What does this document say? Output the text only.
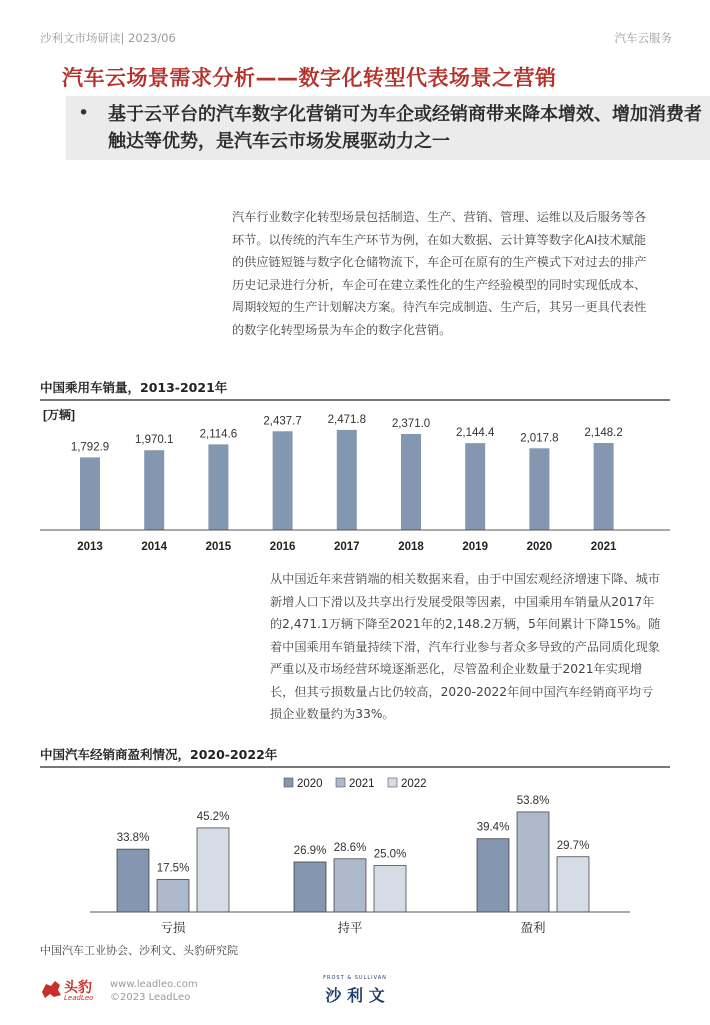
沙利文市场研读| 2023/06	汽车云服务
汽车云场景需求分析——数字化转型代表场景之营销
• 基于云平台的汽车数字化营销可为车企或经销商带来降本增效、增加消费者触达等优势，是汽车云市场发展驱动力之一
汽车行业数字化转型场景包括制造、生产、营销、管理、运维以及后服务等各环节。以传统的汽车生产环节为例，在如大数据、云计算等数字化AI技术赋能的供应链短链与数字化仓储物流下，车企可在原有的生产模式下对过去的排产历史记录进行分析，车企可在建立柔性化的生产经验模型的同时实现低成本、周期较短的生产计划解决方案。待汽车完成制造、生产后，其另一更具代表性的数字化转型场景为车企的数字化营销。
中国乘用车销量，2013-2021年
[万辆]
1,792.9
1,970.1 2,114.6
2,437.7 2,471.8 2,371.0
2,144.4 2,017.8 2,148.2
2013	2014	2015	2016	2017	2018	2019	2020	2021
从中国近年来营销端的相关数据来看，由于中国宏观经济增速下降、城市新增人口下滑以及共享出行发展受限等因素，中国乘用车销量从2017年的2,471.1万辆下降至2021年的2,148.2万辆，5年间累计下降15%。随着中国乘用车销量持续下滑，汽车行业参与者众多导致的产品同质化现象严重以及市场经营环境逐渐恶化，尽管盈利企业数量于2021年实现增长，但其亏损数量占比仍较高，2020-2022年间中国汽车经销商平均亏损企业数量约为33%。
中国汽车经销商盈利情况，2020-2022年
2020 2021 2022
33.8%
17.5%
45.2%
26.9% 28.6%
25.0%
39.4%
53.8%
29.7%
亏损	持平	盈利
中国汽车工业协会、沙利文、头豹研究院
头豹
LeadLeo
www.leadleo.com
©2023 LeadLeo
FROST & SULLIVAN
沙 利 文
